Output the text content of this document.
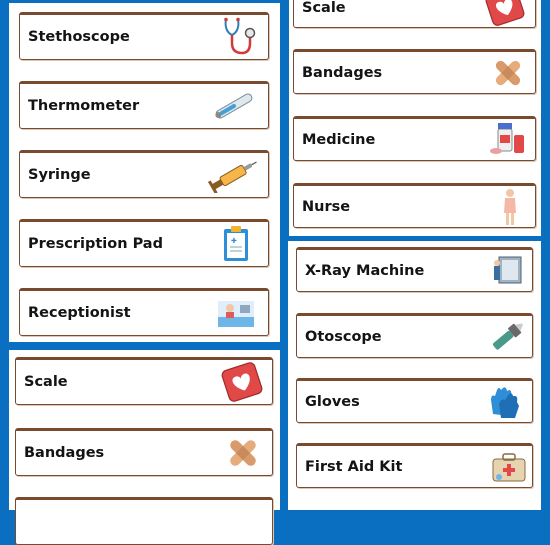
Stethoscope
Thermometer
Syringe
Prescription Pad	✚
Receptionist
Scale
Bandages
Scale
Bandages
Medicine
Nurse
X-Ray Machine
Otoscope
Gloves
First Aid Kit
